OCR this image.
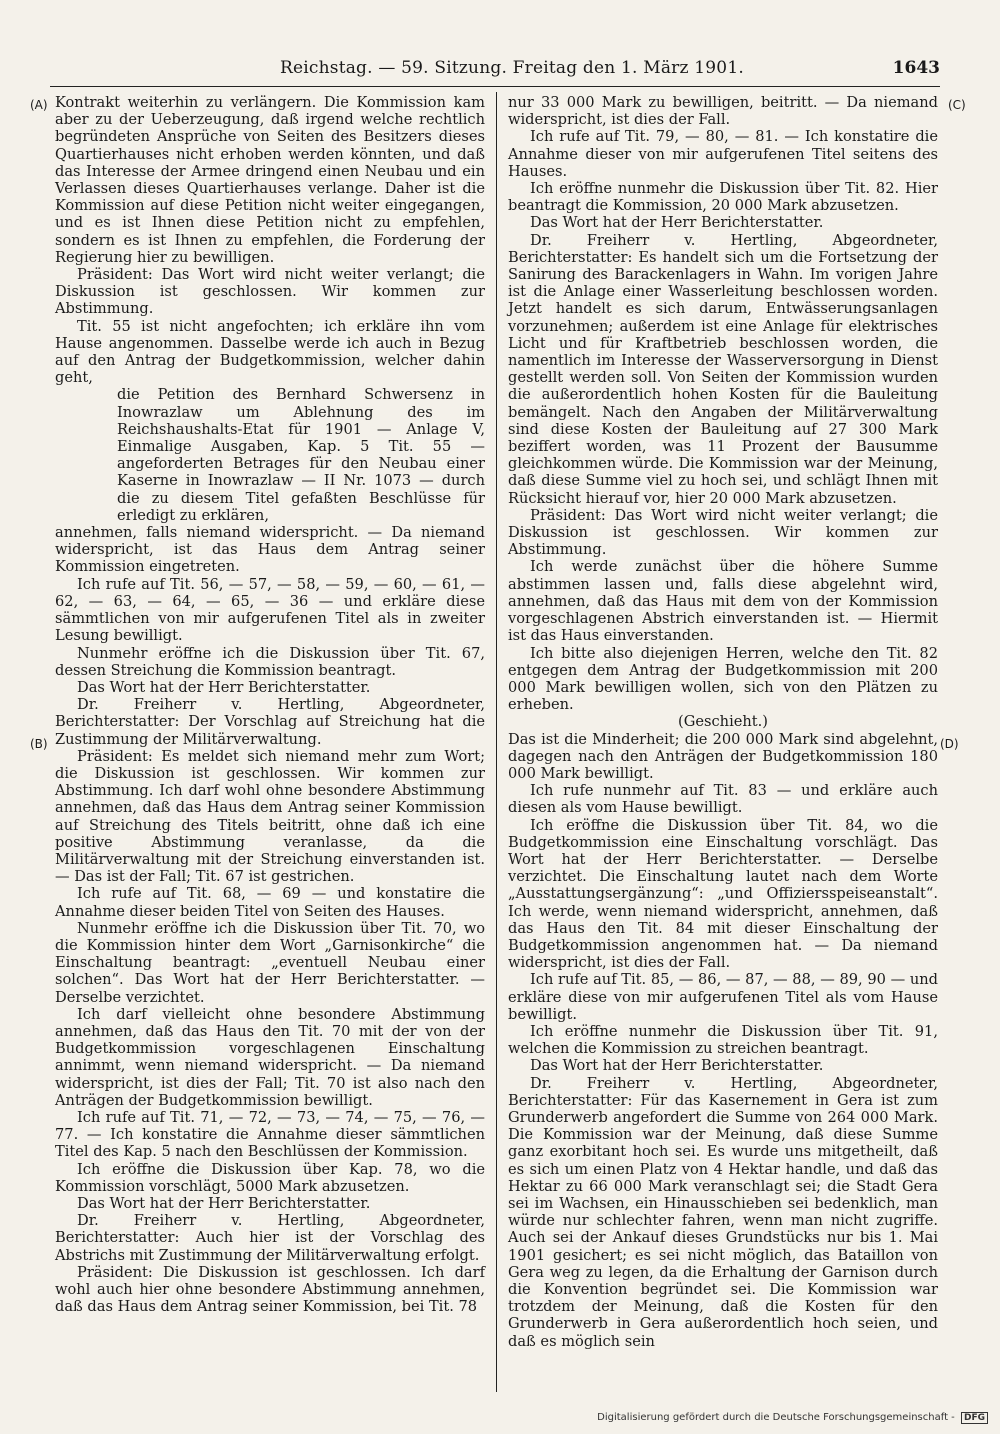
Reichstag. — 59. Sitzung. Freitag den 1. März 1901.	1643
(A)
(B)
(C)
(D)

Kontrakt weiterhin zu verlängern. Die Kommission kam aber zu der Ueberzeugung, daß irgend welche rechtlich begründeten Ansprüche von Seiten des Besitzers dieses Quartierhauses nicht erhoben werden könnten, und daß das Interesse der Armee dringend einen Neubau und ein Verlassen dieses Quartierhauses verlange. Daher ist die Kommission auf diese Petition nicht weiter eingegangen, und es ist Ihnen diese Petition nicht zu empfehlen, sondern es ist Ihnen zu empfehlen, die Forderung der Regierung hier zu bewilligen.

Präsident: Das Wort wird nicht weiter verlangt; die Diskussion ist geschlossen. Wir kommen zur Abstimmung.

Tit. 55 ist nicht angefochten; ich erkläre ihn vom Hause angenommen. Dasselbe werde ich auch in Bezug auf den Antrag der Budgetkommission, welcher dahin geht,

die Petition des Bernhard Schwersenz in Inowrazlaw um Ablehnung des im Reichshaushalts-Etat für 1901 — Anlage V, Einmalige Ausgaben, Kap. 5 Tit. 55 — angeforderten Betrages für den Neubau einer Kaserne in Inowrazlaw — II Nr. 1073 — durch die zu diesem Titel gefaßten Beschlüsse für erledigt zu erklären,

annehmen, falls niemand widerspricht. — Da niemand widerspricht, ist das Haus dem Antrag seiner Kommission eingetreten.

Ich rufe auf Tit. 56, — 57, — 58, — 59, — 60, — 61, — 62, — 63, — 64, — 65, — 36 — und erkläre diese sämmtlichen von mir aufgerufenen Titel als in zweiter Lesung bewilligt.

Nunmehr eröffne ich die Diskussion über Tit. 67, dessen Streichung die Kommission beantragt.

Das Wort hat der Herr Berichterstatter.

Dr. Freiherr v. Hertling, Abgeordneter, Berichterstatter: Der Vorschlag auf Streichung hat die Zustimmung der Militärverwaltung.

Präsident: Es meldet sich niemand mehr zum Wort; die Diskussion ist geschlossen. Wir kommen zur Abstimmung. Ich darf wohl ohne besondere Abstimmung annehmen, daß das Haus dem Antrag seiner Kommission auf Streichung des Titels beitritt, ohne daß ich eine positive Abstimmung veranlasse, da die Militärverwaltung mit der Streichung einverstanden ist. — Das ist der Fall; Tit. 67 ist gestrichen.

Ich rufe auf Tit. 68, — 69 — und konstatire die Annahme dieser beiden Titel von Seiten des Hauses.

Nunmehr eröffne ich die Diskussion über Tit. 70, wo die Kommission hinter dem Wort „Garnisonkirche“ die Einschaltung beantragt: „eventuell Neubau einer solchen“. Das Wort hat der Herr Berichterstatter. — Derselbe verzichtet.

Ich darf vielleicht ohne besondere Abstimmung annehmen, daß das Haus den Tit. 70 mit der von der Budgetkommission vorgeschlagenen Einschaltung annimmt, wenn niemand widerspricht. — Da niemand widerspricht, ist dies der Fall; Tit. 70 ist also nach den Anträgen der Budgetkommission bewilligt.

Ich rufe auf Tit. 71, — 72, — 73, — 74, — 75, — 76, — 77. — Ich konstatire die Annahme dieser sämmtlichen Titel des Kap. 5 nach den Beschlüssen der Kommission.

Ich eröffne die Diskussion über Kap. 78, wo die Kommission vorschlägt, 5000 Mark abzusetzen.

Das Wort hat der Herr Berichterstatter.

Dr. Freiherr v. Hertling, Abgeordneter, Berichterstatter: Auch hier ist der Vorschlag des Abstrichs mit Zustimmung der Militärverwaltung erfolgt.

Präsident: Die Diskussion ist geschlossen. Ich darf wohl auch hier ohne besondere Abstimmung annehmen, daß das Haus dem Antrag seiner Kommission, bei Tit. 78

nur 33 000 Mark zu bewilligen, beitritt. — Da niemand widerspricht, ist dies der Fall.

Ich rufe auf Tit. 79, — 80, — 81. — Ich konstatire die Annahme dieser von mir aufgerufenen Titel seitens des Hauses.

Ich eröffne nunmehr die Diskussion über Tit. 82. Hier beantragt die Kommission, 20 000 Mark abzusetzen.

Das Wort hat der Herr Berichterstatter.

Dr. Freiherr v. Hertling, Abgeordneter, Berichterstatter: Es handelt sich um die Fortsetzung der Sanirung des Barackenlagers in Wahn. Im vorigen Jahre ist die Anlage einer Wasserleitung beschlossen worden. Jetzt handelt es sich darum, Entwässerungsanlagen vorzunehmen; außerdem ist eine Anlage für elektrisches Licht und für Kraftbetrieb beschlossen worden, die namentlich im Interesse der Wasserversorgung in Dienst gestellt werden soll. Von Seiten der Kommission wurden die außerordentlich hohen Kosten für die Bauleitung bemängelt. Nach den Angaben der Militärverwaltung sind diese Kosten der Bauleitung auf 27 300 Mark beziffert worden, was 11 Prozent der Bausumme gleichkommen würde. Die Kommission war der Meinung, daß diese Summe viel zu hoch sei, und schlägt Ihnen mit Rücksicht hierauf vor, hier 20 000 Mark abzusetzen.

Präsident: Das Wort wird nicht weiter verlangt; die Diskussion ist geschlossen. Wir kommen zur Abstimmung.

Ich werde zunächst über die höhere Summe abstimmen lassen und, falls diese abgelehnt wird, annehmen, daß das Haus mit dem von der Kommission vorgeschlagenen Abstrich einverstanden ist. — Hiermit ist das Haus einverstanden.

Ich bitte also diejenigen Herren, welche den Tit. 82 entgegen dem Antrag der Budgetkommission mit 200 000 Mark bewilligen wollen, sich von den Plätzen zu erheben.

(Geschieht.)

Das ist die Minderheit; die 200 000 Mark sind abgelehnt, dagegen nach den Anträgen der Budgetkommission 180 000 Mark bewilligt.

Ich rufe nunmehr auf Tit. 83 — und erkläre auch diesen als vom Hause bewilligt.

Ich eröffne die Diskussion über Tit. 84, wo die Budgetkommission eine Einschaltung vorschlägt. Das Wort hat der Herr Berichterstatter. — Derselbe verzichtet. Die Einschaltung lautet nach dem Worte „Ausstattungsergänzung“: „und Offiziersspeiseanstalt“. Ich werde, wenn niemand widerspricht, annehmen, daß das Haus den Tit. 84 mit dieser Einschaltung der Budgetkommission angenommen hat. — Da niemand widerspricht, ist dies der Fall.

Ich rufe auf Tit. 85, — 86, — 87, — 88, — 89, 90 — und erkläre diese von mir aufgerufenen Titel als vom Hause bewilligt.

Ich eröffne nunmehr die Diskussion über Tit. 91, welchen die Kommission zu streichen beantragt.

Das Wort hat der Herr Berichterstatter.

Dr. Freiherr v. Hertling, Abgeordneter, Berichterstatter: Für das Kasernement in Gera ist zum Grunderwerb angefordert die Summe von 264 000 Mark. Die Kommission war der Meinung, daß diese Summe ganz exorbitant hoch sei. Es wurde uns mitgetheilt, daß es sich um einen Platz von 4 Hektar handle, und daß das Hektar zu 66 000 Mark veranschlagt sei; die Stadt Gera sei im Wachsen, ein Hinausschieben sei bedenklich, man würde nur schlechter fahren, wenn man nicht zugriffe. Auch sei der Ankauf dieses Grundstücks nur bis 1. Mai 1901 gesichert; es sei nicht möglich, das Bataillon von Gera weg zu legen, da die Erhaltung der Garnison durch die Konvention begründet sei. Die Kommission war trotzdem der Meinung, daß die Kosten für den Grunderwerb in Gera außerordentlich hoch seien, und daß es möglich sein

Digitalisierung gefördert durch die Deutsche Forschungsgemeinschaft - DFG
